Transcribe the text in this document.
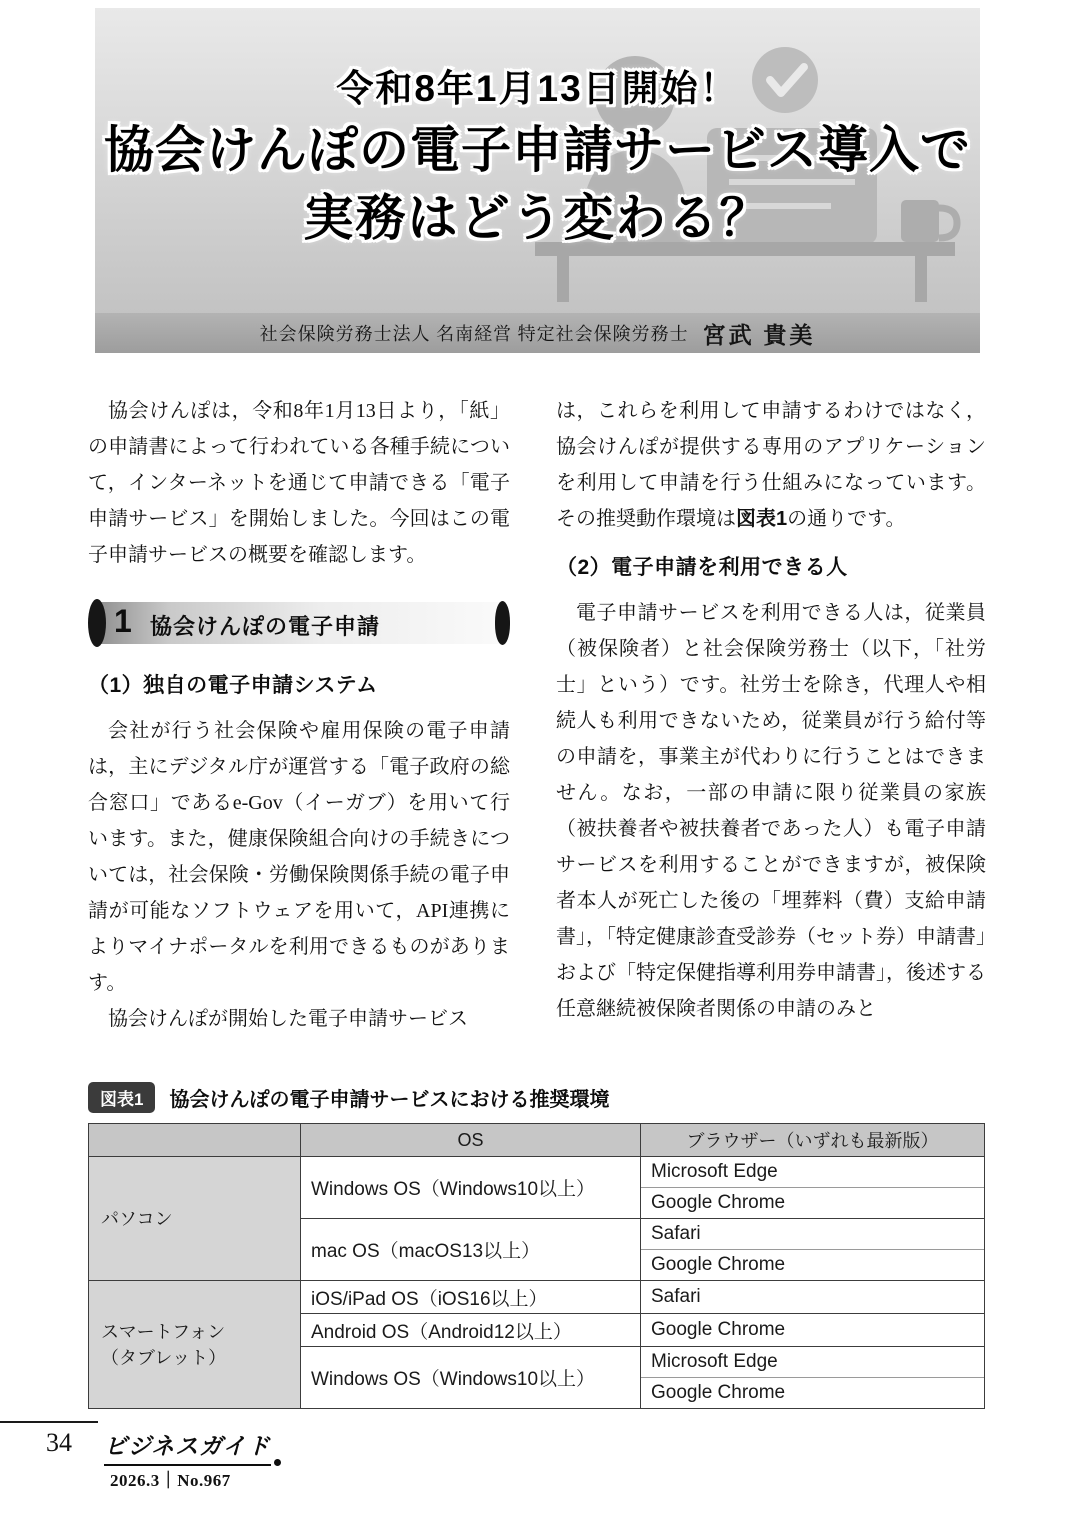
令和8年1月13日開始！
協会けんぽの電子申請サービス導入で
実務はどう変わる？
社会保険労務士法人 名南経営 特定社会保険労務士 宮武 貴美

協会けんぽは，令和8年1月13日より，「紙」の申請書によって行われている各種手続について，インターネットを通じて申請できる「電子申請サービス」を開始しました。今回はこの電子申請サービスの概要を確認します。

1 協会けんぽの電子申請
（1）独自の電子申請システム

会社が行う社会保険や雇用保険の電子申請は，主にデジタル庁が運営する「電子政府の総合窓口」であるe-Gov（イーガブ）を用いて行います。また，健康保険組合向けの手続きについては，社会保険・労働保険関係手続の電子申請が可能なソフトウェアを用いて，API連携によりマイナポータルを利用できるものがあります。

協会けんぽが開始した電子申請サービス

は，これらを利用して申請するわけではなく，協会けんぽが提供する専用のアプリケーションを利用して申請を行う仕組みになっています。その推奨動作環境は図表1の通りです。

（2）電子申請を利用できる人

電子申請サービスを利用できる人は，従業員（被保険者）と社会保険労務士（以下，「社労士」という）です。社労士を除き，代理人や相続人も利用できないため，従業員が行う給付等の申請を，事業主が代わりに行うことはできません。なお，一部の申請に限り従業員の家族（被扶養者や被扶養者であった人）も電子申請サービスを利用することができますが，被保険者本人が死亡した後の「埋葬料（費）支給申請書」，「特定健康診査受診券（セット券）申請書」および「特定保健指導利用券申請書」，後述する任意継続被保険者関係の申請のみと

図表1	協会けんぽの電子申請サービスにおける推奨環境
	OS	ブラウザー（いずれも最新版）

パソコン	Windows OS（Windows10以上）	Microsoft Edge
Google Chrome

	mac OS（macOS13以上）	Safari
Google Chrome

スマートフォン
（タブレット）	iOS/iPad OS（iOS16以上）	Safari

	Android OS（Android12以上）	Google Chrome

	Windows OS（Windows10以上）	Microsoft Edge
Google Chrome
34 ビジネスガイド
2026.3｜No.967
